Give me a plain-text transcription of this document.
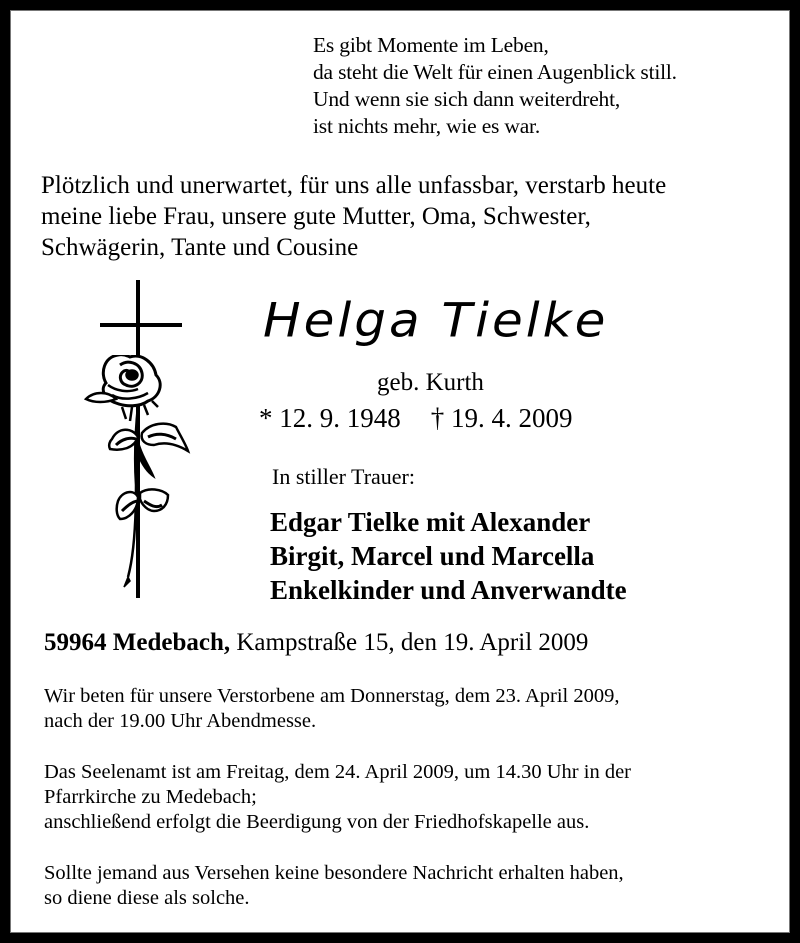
Es gibt Momente im Leben,
da steht die Welt für einen Augenblick still.
Und wenn sie sich dann weiterdreht,
ist nichts mehr, wie es war.
Plötzlich und unerwartet, für uns alle unfassbar, verstarb heute
meine liebe Frau, unsere gute Mutter, Oma, Schwester,
Schwägerin, Tante und Cousine
Helga Tielke
geb. Kurth
* 12. 9. 1948 † 19. 4. 2009
In stiller Trauer:
Edgar Tielke mit Alexander
Birgit, Marcel und Marcella
Enkelkinder und Anverwandte
59964 Medebach, Kampstraße 15, den 19. April 2009
Wir beten für unsere Verstorbene am Donnerstag, dem 23. April 2009,
nach der 19.00 Uhr Abendmesse.
Das Seelenamt ist am Freitag, dem 24. April 2009, um 14.30 Uhr in der
Pfarrkirche zu Medebach;
anschließend erfolgt die Beerdigung von der Friedhofskapelle aus.
Sollte jemand aus Versehen keine besondere Nachricht erhalten haben,
so diene diese als solche.
